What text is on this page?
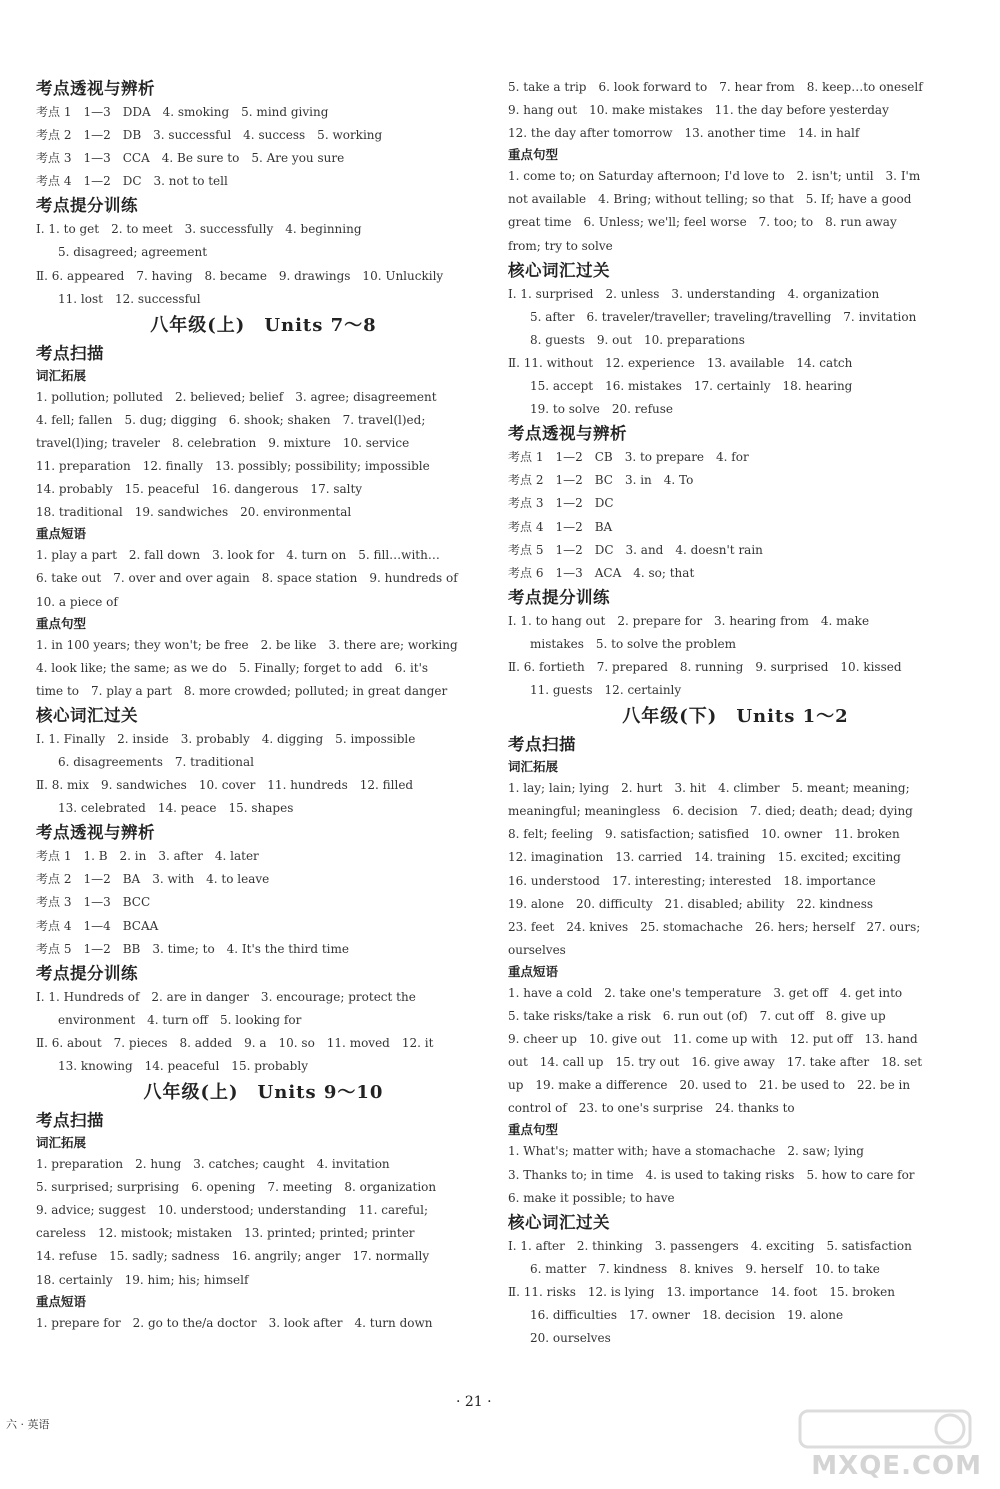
考点透视与辨析
考点 1　1—3　DDA　4. smoking　5. mind giving
考点 2　1—2　DB　3. successful　4. success　5. working
考点 3　1—3　CCA　4. Be sure to　5. Are you sure
考点 4　1—2　DC　3. not to tell
考点提分训练
Ⅰ. 1. to get　2. to meet　3. successfully　4. beginning
5. disagreed; agreement
Ⅱ. 6. appeared　7. having　8. became　9. drawings　10. Unluckily
11. lost　12. successful
八年级(上)　Units 7～8
考点扫描
词汇拓展
1. pollution; polluted　2. believed; belief　3. agree; disagreement
4. fell; fallen　5. dug; digging　6. shook; shaken　7. travel(l)ed;
travel(l)ing; traveler　8. celebration　9. mixture　10. service
11. preparation　12. finally　13. possibly; possibility; impossible
14. probably　15. peaceful　16. dangerous　17. salty
18. traditional　19. sandwiches　20. environmental
重点短语
1. play a part　2. fall down　3. look for　4. turn on　5. fill…with…
6. take out　7. over and over again　8. space station　9. hundreds of
10. a piece of
重点句型
1. in 100 years; they won't; be free　2. be like　3. there are; working
4. look like; the same; as we do　5. Finally; forget to add　6. it's
time to　7. play a part　8. more crowded; polluted; in great danger
核心词汇过关
Ⅰ. 1. Finally　2. inside　3. probably　4. digging　5. impossible
6. disagreements　7. traditional
Ⅱ. 8. mix　9. sandwiches　10. cover　11. hundreds　12. filled
13. celebrated　14. peace　15. shapes
考点透视与辨析
考点 1　1. B　2. in　3. after　4. later
考点 2　1—2　BA　3. with　4. to leave
考点 3　1—3　BCC
考点 4　1—4　BCAA
考点 5　1—2　BB　3. time; to　4. It's the third time
考点提分训练
Ⅰ. 1. Hundreds of　2. are in danger　3. encourage; protect the
environment　4. turn off　5. looking for
Ⅱ. 6. about　7. pieces　8. added　9. a　10. so　11. moved　12. it
13. knowing　14. peaceful　15. probably
八年级(上)　Units 9～10
考点扫描
词汇拓展
1. preparation　2. hung　3. catches; caught　4. invitation
5. surprised; surprising　6. opening　7. meeting　8. organization
9. advice; suggest　10. understood; understanding　11. careful;
careless　12. mistook; mistaken　13. printed; printed; printer
14. refuse　15. sadly; sadness　16. angrily; anger　17. normally
18. certainly　19. him; his; himself
重点短语
1. prepare for　2. go to the/a doctor　3. look after　4. turn down
5. take a trip　6. look forward to　7. hear from　8. keep…to oneself
9. hang out　10. make mistakes　11. the day before yesterday
12. the day after tomorrow　13. another time　14. in half
重点句型
1. come to; on Saturday afternoon; I'd love to　2. isn't; until　3. I'm
not available　4. Bring; without telling; so that　5. If; have a good
great time　6. Unless; we'll; feel worse　7. too; to　8. run away
from; try to solve
核心词汇过关
Ⅰ. 1. surprised　2. unless　3. understanding　4. organization
5. after　6. traveler/traveller; traveling/travelling　7. invitation
8. guests　9. out　10. preparations
Ⅱ. 11. without　12. experience　13. available　14. catch
15. accept　16. mistakes　17. certainly　18. hearing
19. to solve　20. refuse
考点透视与辨析
考点 1　1—2　CB　3. to prepare　4. for
考点 2　1—2　BC　3. in　4. To
考点 3　1—2　DC
考点 4　1—2　BA
考点 5　1—2　DC　3. and　4. doesn't rain
考点 6　1—3　ACA　4. so; that
考点提分训练
Ⅰ. 1. to hang out　2. prepare for　3. hearing from　4. make
mistakes　5. to solve the problem
Ⅱ. 6. fortieth　7. prepared　8. running　9. surprised　10. kissed
11. guests　12. certainly
八年级(下)　Units 1～2
考点扫描
词汇拓展
1. lay; lain; lying　2. hurt　3. hit　4. climber　5. meant; meaning;
meaningful; meaningless　6. decision　7. died; death; dead; dying
8. felt; feeling　9. satisfaction; satisfied　10. owner　11. broken
12. imagination　13. carried　14. training　15. excited; exciting
16. understood　17. interesting; interested　18. importance
19. alone　20. difficulty　21. disabled; ability　22. kindness
23. feet　24. knives　25. stomachache　26. hers; herself　27. ours;
ourselves
重点短语
1. have a cold　2. take one's temperature　3. get off　4. get into
5. take risks/take a risk　6. run out (of)　7. cut off　8. give up
9. cheer up　10. give out　11. come up with　12. put off　13. hand
out　14. call up　15. try out　16. give away　17. take after　18. set
up　19. make a difference　20. used to　21. be used to　22. be in
control of　23. to one's surprise　24. thanks to
重点句型
1. What's; matter with; have a stomachache　2. saw; lying
3. Thanks to; in time　4. is used to taking risks　5. how to care for
6. make it possible; to have
核心词汇过关
Ⅰ. 1. after　2. thinking　3. passengers　4. exciting　5. satisfaction
6. matter　7. kindness　8. knives　9. herself　10. to take
Ⅱ. 11. risks　12. is lying　13. importance　14. foot　15. broken
16. difficulties　17. owner　18. decision　19. alone
20. ourselves
六 · 英语
· 21 ·
MXQE.COM
